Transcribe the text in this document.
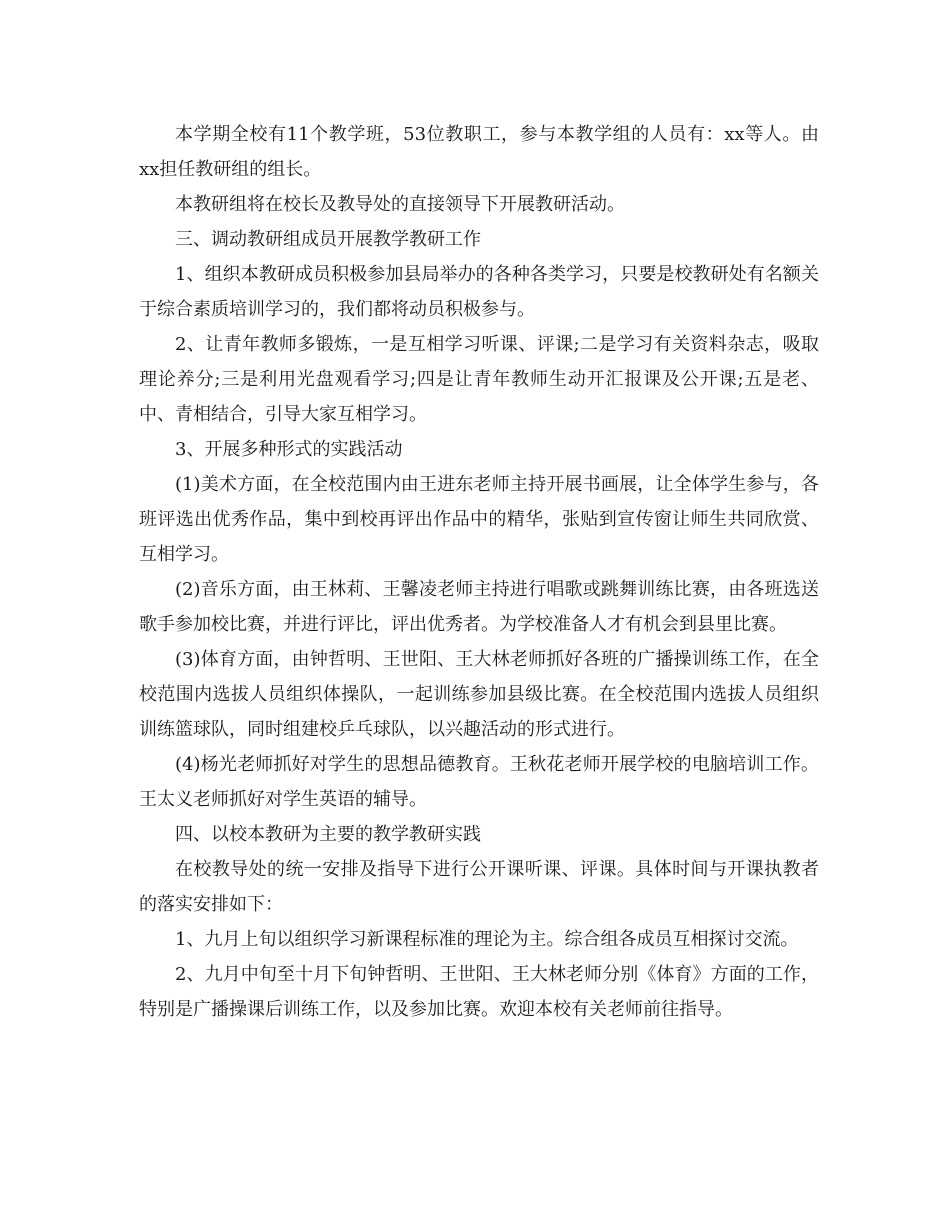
本学期全校有11个教学班，53位教职工，参与本教学组的人员有：xx等人。由xx担任教研组的组长。

本教研组将在校长及教导处的直接领导下开展教研活动。

三、调动教研组成员开展教学教研工作

1、组织本教研成员积极参加县局举办的各种各类学习，只要是校教研处有名额关于综合素质培训学习的，我们都将动员积极参与。

2、让青年教师多锻炼，一是互相学习听课、评课;二是学习有关资料杂志，吸取理论养分;三是利用光盘观看学习;四是让青年教师生动开汇报课及公开课;五是老、中、青相结合，引导大家互相学习。

3、开展多种形式的实践活动

(1)美术方面，在全校范围内由王进东老师主持开展书画展，让全体学生参与，各班评选出优秀作品，集中到校再评出作品中的精华，张贴到宣传窗让师生共同欣赏、互相学习。

(2)音乐方面，由王林莉、王馨凌老师主持进行唱歌或跳舞训练比赛，由各班选送歌手参加校比赛，并进行评比，评出优秀者。为学校准备人才有机会到县里比赛。

(3)体育方面，由钟哲明、王世阳、王大林老师抓好各班的广播操训练工作，在全校范围内选拔人员组织体操队，一起训练参加县级比赛。在全校范围内选拔人员组织训练篮球队，同时组建校乒乓球队，以兴趣活动的形式进行。

(4)杨光老师抓好对学生的思想品德教育。王秋花老师开展学校的电脑培训工作。王太义老师抓好对学生英语的辅导。

四、以校本教研为主要的教学教研实践

在校教导处的统一安排及指导下进行公开课听课、评课。具体时间与开课执教者的落实安排如下：

1、九月上旬以组织学习新课程标准的理论为主。综合组各成员互相探讨交流。

2、九月中旬至十月下旬钟哲明、王世阳、王大林老师分别《体育》方面的工作，特别是广播操课后训练工作，以及参加比赛。欢迎本校有关老师前往指导。
